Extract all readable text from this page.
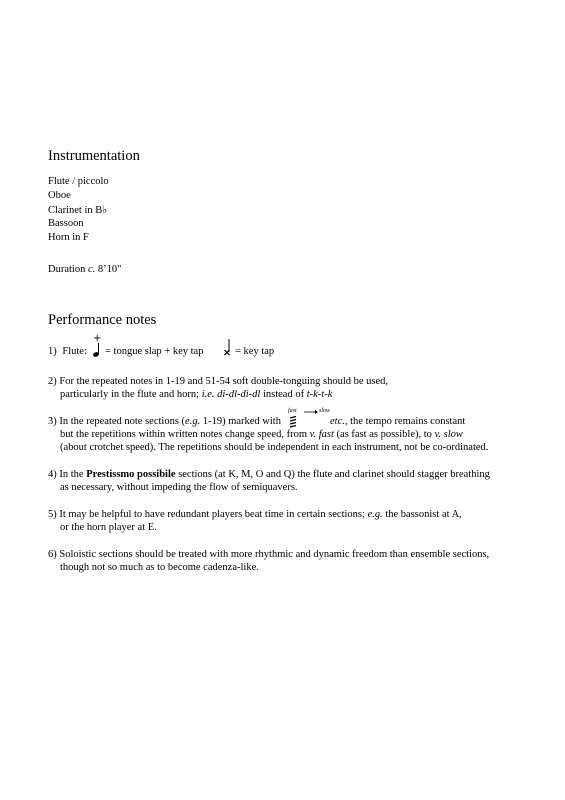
Instrumentation
Flute / piccolo
Oboe
Clarinet in B♭
Bassoon
Horn in F
Duration c. 8’10"
Performance notes
1) Flute:
+
= tongue slap + key tap	= key tap
2) For the repeated notes in 1-19 and 51-54 soft double-tonguing should be used,
particularly in the flute and horn; i.e. di-dl-di-dl instead of t-k-t-k
3) In the repeated note sections (e.g. 1-19) marked with
fast	slow
etc., the tempo remains constant
but the repetitions within written notes change speed, from v. fast (as fast as possible), to v. slow
(about crotchet speed). The repetitions should be independent in each instrument, not be co-ordinated.
4) In the Prestissmo possibile sections (at K, M, O and Q) the flute and clarinet should stagger breathing
as necessary, without impeding the flow of semiquavers.
5) It may be helpful to have redundant players beat time in certain sections; e.g. the bassonist at A,
or the horn player at E.
6) Soloistic sections should be treated with more rhythmic and dynamic freedom than ensemble sections,
though not so much as to become cadenza-like.
